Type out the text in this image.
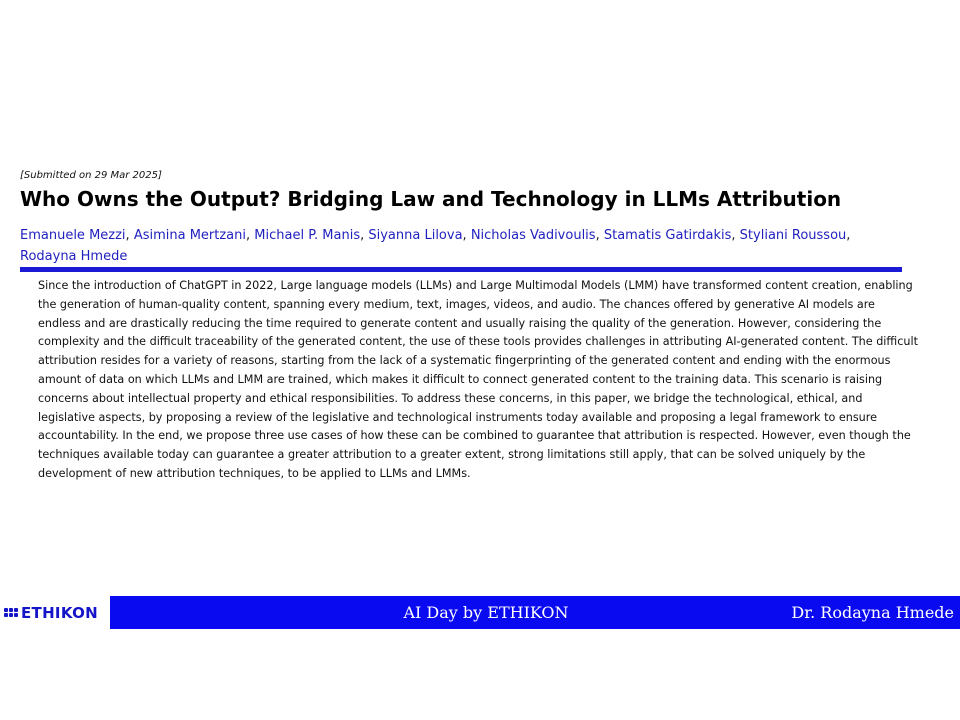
[Submitted on 29 Mar 2025]
Who Owns the Output? Bridging Law and Technology in LLMs Attribution
Emanuele Mezzi, Asimina Mertzani, Michael P. Manis, Siyanna Lilova, Nicholas Vadivoulis, Stamatis Gatirdakis, Styliani Roussou,
Rodayna Hmede
Since the introduction of ChatGPT in 2022, Large language models (LLMs) and Large Multimodal Models (LMM) have transformed content creation, enabling the generation of human-quality content, spanning every medium, text, images, videos, and audio. The chances offered by generative AI models are endless and are drastically reducing the time required to generate content and usually raising the quality of the generation. However, considering the complexity and the difficult traceability of the generated content, the use of these tools provides challenges in attributing AI-generated content. The difficult attribution resides for a variety of reasons, starting from the lack of a systematic fingerprinting of the generated content and ending with the enormous amount of data on which LLMs and LMM are trained, which makes it difficult to connect generated content to the training data. This scenario is raising concerns about intellectual property and ethical responsibilities. To address these concerns, in this paper, we bridge the technological, ethical, and legislative aspects, by proposing a review of the legislative and technological instruments today available and proposing a legal framework to ensure accountability. In the end, we propose three use cases of how these can be combined to guarantee that attribution is respected. However, even though the techniques available today can guarantee a greater attribution to a greater extent, strong limitations still apply, that can be solved uniquely by the development of new attribution techniques, to be applied to LLMs and LMMs.
ETHIKON	AI Day by ETHIKON	Dr. Rodayna Hmede
